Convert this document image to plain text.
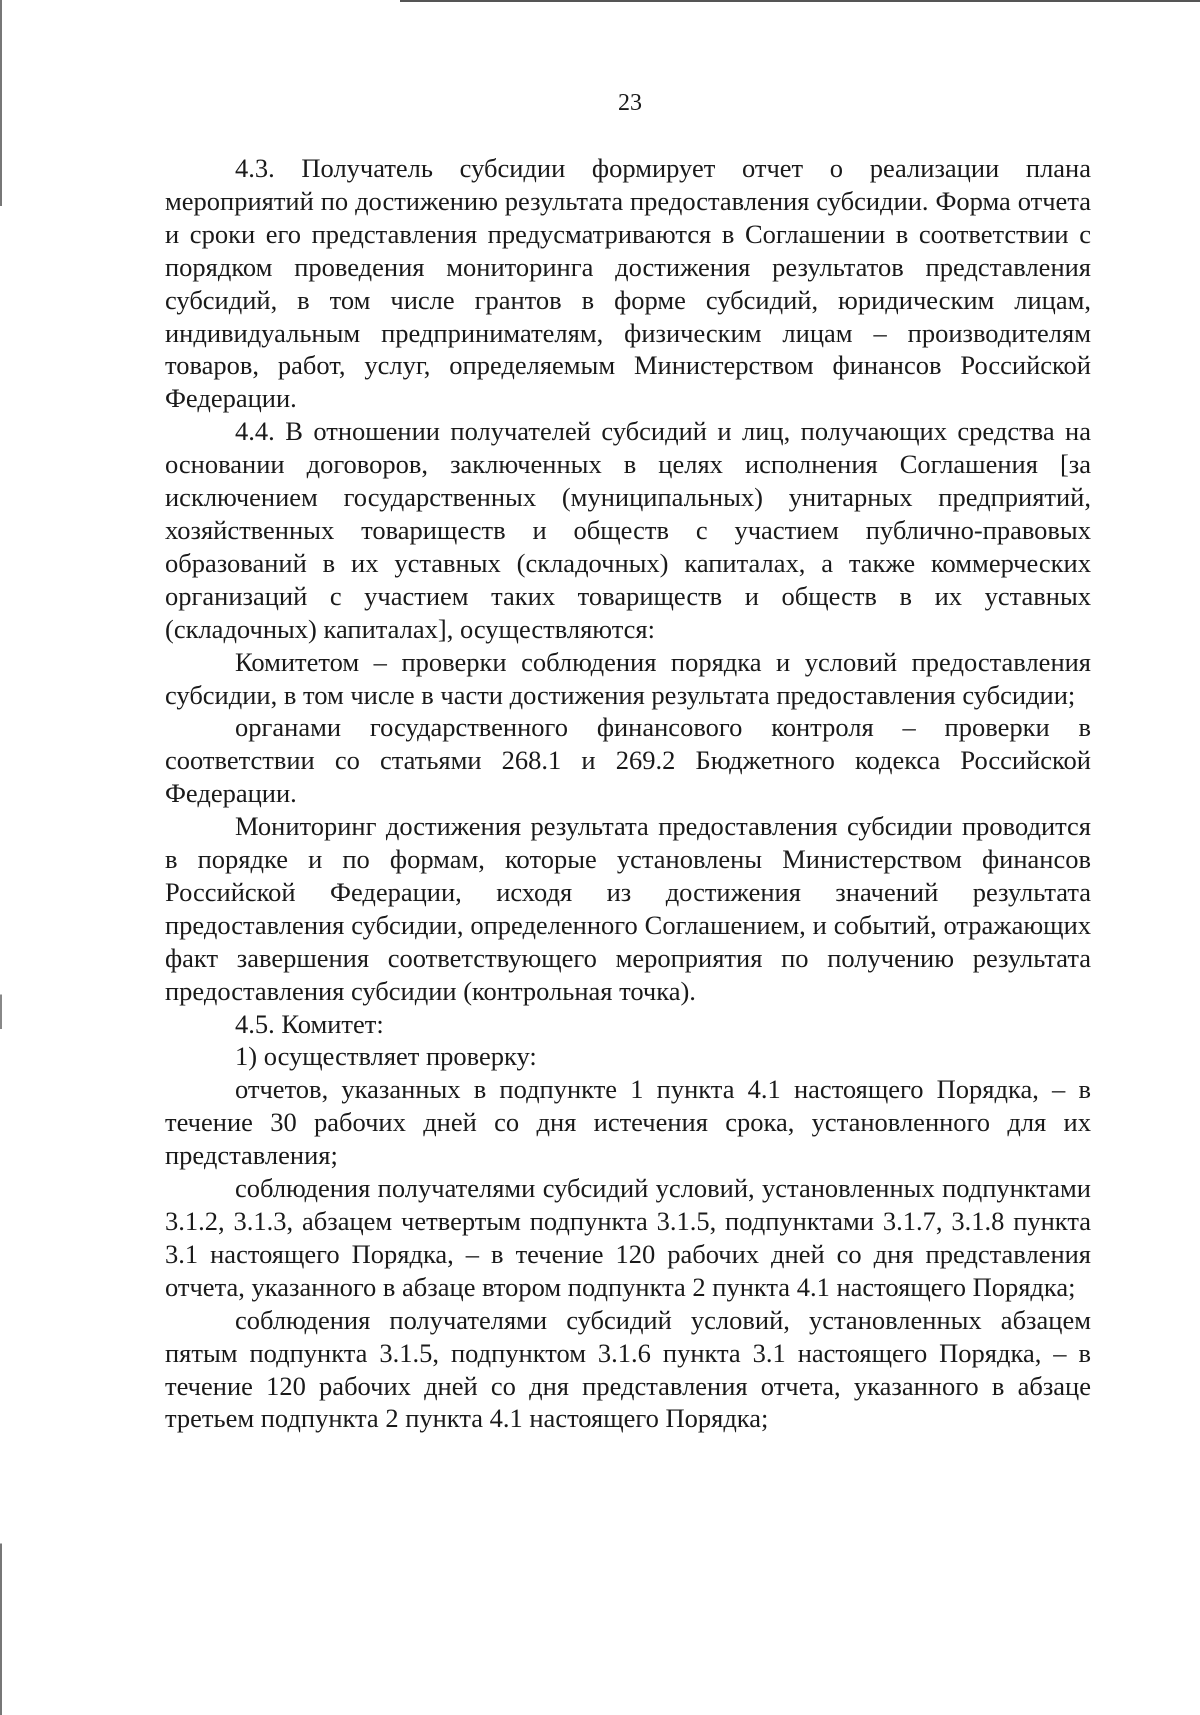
23

4.3. Получатель субсидии формирует отчет о реализации плана мероприятий по достижению результата предоставления субсидии. Форма отчета и сроки его представления предусматриваются в Соглашении в соответствии с порядком проведения мониторинга достижения результатов представления субсидий, в том числе грантов в форме субсидий, юридическим лицам, индивидуальным предпринимателям, физическим лицам – производителям товаров, работ, услуг, определяемым Министерством финансов Российской Федерации.

4.4. В отношении получателей субсидий и лиц, получающих средства на основании договоров, заключенных в целях исполнения Соглашения [за исключением государственных (муниципальных) унитарных предприятий, хозяйственных товариществ и обществ с участием публично-правовых образований в их уставных (складочных) капиталах, а также коммерческих организаций с участием таких товариществ и обществ в их уставных (складочных) капиталах], осуществляются:

Комитетом – проверки соблюдения порядка и условий предоставления субсидии, в том числе в части достижения результата предоставления субсидии;

органами государственного финансового контроля – проверки в соответствии со статьями 268.1 и 269.2 Бюджетного кодекса Российской Федерации.

Мониторинг достижения результата предоставления субсидии проводится в порядке и по формам, которые установлены Министерством финансов Российской Федерации, исходя из достижения значений результата предоставления субсидии, определенного Соглашением, и событий, отражающих факт завершения соответствующего мероприятия по получению результата предоставления субсидии (контрольная точка).

4.5. Комитет:

1) осуществляет проверку:

отчетов, указанных в подпункте 1 пункта 4.1 настоящего Порядка, – в течение 30 рабочих дней со дня истечения срока, установленного для их представления;

соблюдения получателями субсидий условий, установленных подпунктами 3.1.2, 3.1.3, абзацем четвертым подпункта 3.1.5, подпунктами 3.1.7, 3.1.8 пункта 3.1 настоящего Порядка, – в течение 120 рабочих дней со дня представления отчета, указанного в абзаце втором подпункта 2 пункта 4.1 настоящего Порядка;

соблюдения получателями субсидий условий, установленных абзацем пятым подпункта 3.1.5, подпунктом 3.1.6 пункта 3.1 настоящего Порядка, – в течение 120 рабочих дней со дня представления отчета, указанного в абзаце третьем подпункта 2 пункта 4.1 настоящего Порядка;
